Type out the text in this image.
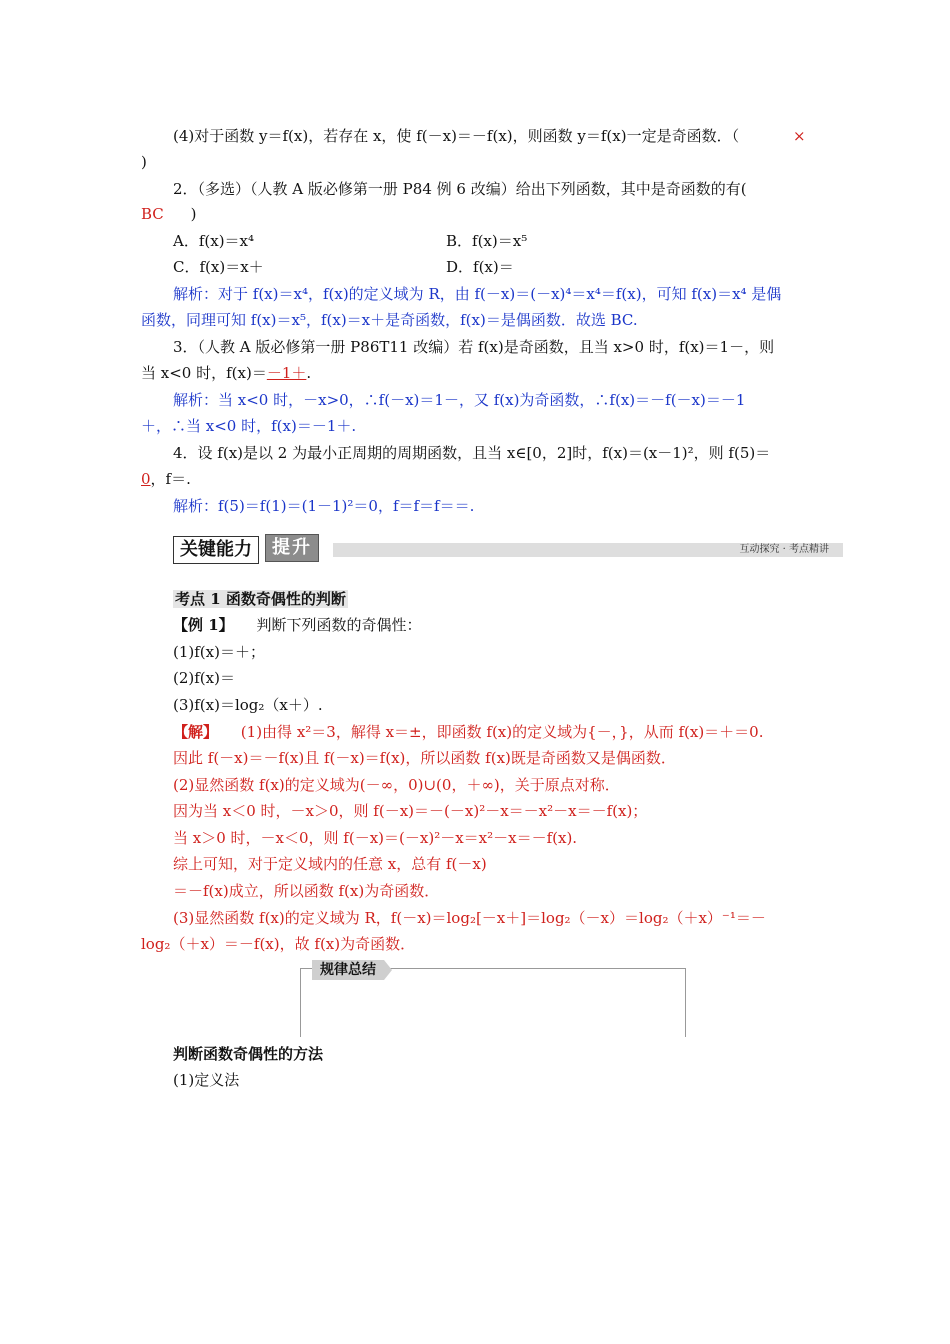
(4)对于函数 y＝f(x)，若存在 x，使 f(－x)＝－f(x)，则函数 y＝f(x)一定是奇函数．（	×
)
2．（多选）（人教 A 版必修第一册 P84 例 6 改编）给出下列函数，其中是奇函数的有(
BC )
A．f(x)＝x⁴	B．f(x)＝x⁵
C．f(x)＝x＋	D．f(x)＝
解析：对于 f(x)＝x⁴，f(x)的定义域为 R，由 f(－x)＝(－x)⁴＝x⁴＝f(x)，可知 f(x)＝x⁴ 是偶
函数，同理可知 f(x)＝x⁵，f(x)＝x＋是奇函数，f(x)＝是偶函数．故选 BC.
3．（人教 A 版必修第一册 P86T11 改编）若 f(x)是奇函数，且当 x>0 时，f(x)＝1－，则
当 x<0 时，f(x)＝－1＋.
解析：当 x<0 时，－x>0，∴f(－x)＝1－，又 f(x)为奇函数，∴f(x)＝－f(－x)＝－1
＋，∴当 x<0 时，f(x)＝－1＋.
4．设 f(x)是以 2 为最小正周期的周期函数，且当 x∈[0，2]时，f(x)＝(x－1)²，则 f(5)＝
0，f＝.
解析：f(5)＝f(1)＝(1－1)²＝0，f＝f＝f＝＝.
关键能力	提升	互动探究 · 考点精讲
考点 1 函数奇偶性的判断
【例 1】 判断下列函数的奇偶性：
(1)f(x)＝＋；
(2)f(x)＝
(3)f(x)＝log₂（x＋）.
【解】 (1)由得 x²＝3，解得 x＝±，即函数 f(x)的定义域为{－，}，从而 f(x)＝＋＝0.
因此 f(－x)＝－f(x)且 f(－x)＝f(x)，所以函数 f(x)既是奇函数又是偶函数．
(2)显然函数 f(x)的定义域为(－∞，0)∪(0，＋∞)，关于原点对称．
因为当 x＜0 时，－x＞0，则 f(－x)＝－(－x)²－x＝－x²－x＝－f(x)；
当 x＞0 时，－x＜0，则 f(－x)＝(－x)²－x＝x²－x＝－f(x).
综上可知，对于定义域内的任意 x，总有 f(－x)
＝－f(x)成立，所以函数 f(x)为奇函数．
(3)显然函数 f(x)的定义域为 R，f(－x)＝log₂[－x＋]＝log₂（－x）＝log₂（＋x）⁻¹＝－
log₂（＋x）＝－f(x)，故 f(x)为奇函数．
规律总结
判断函数奇偶性的方法
(1)定义法
